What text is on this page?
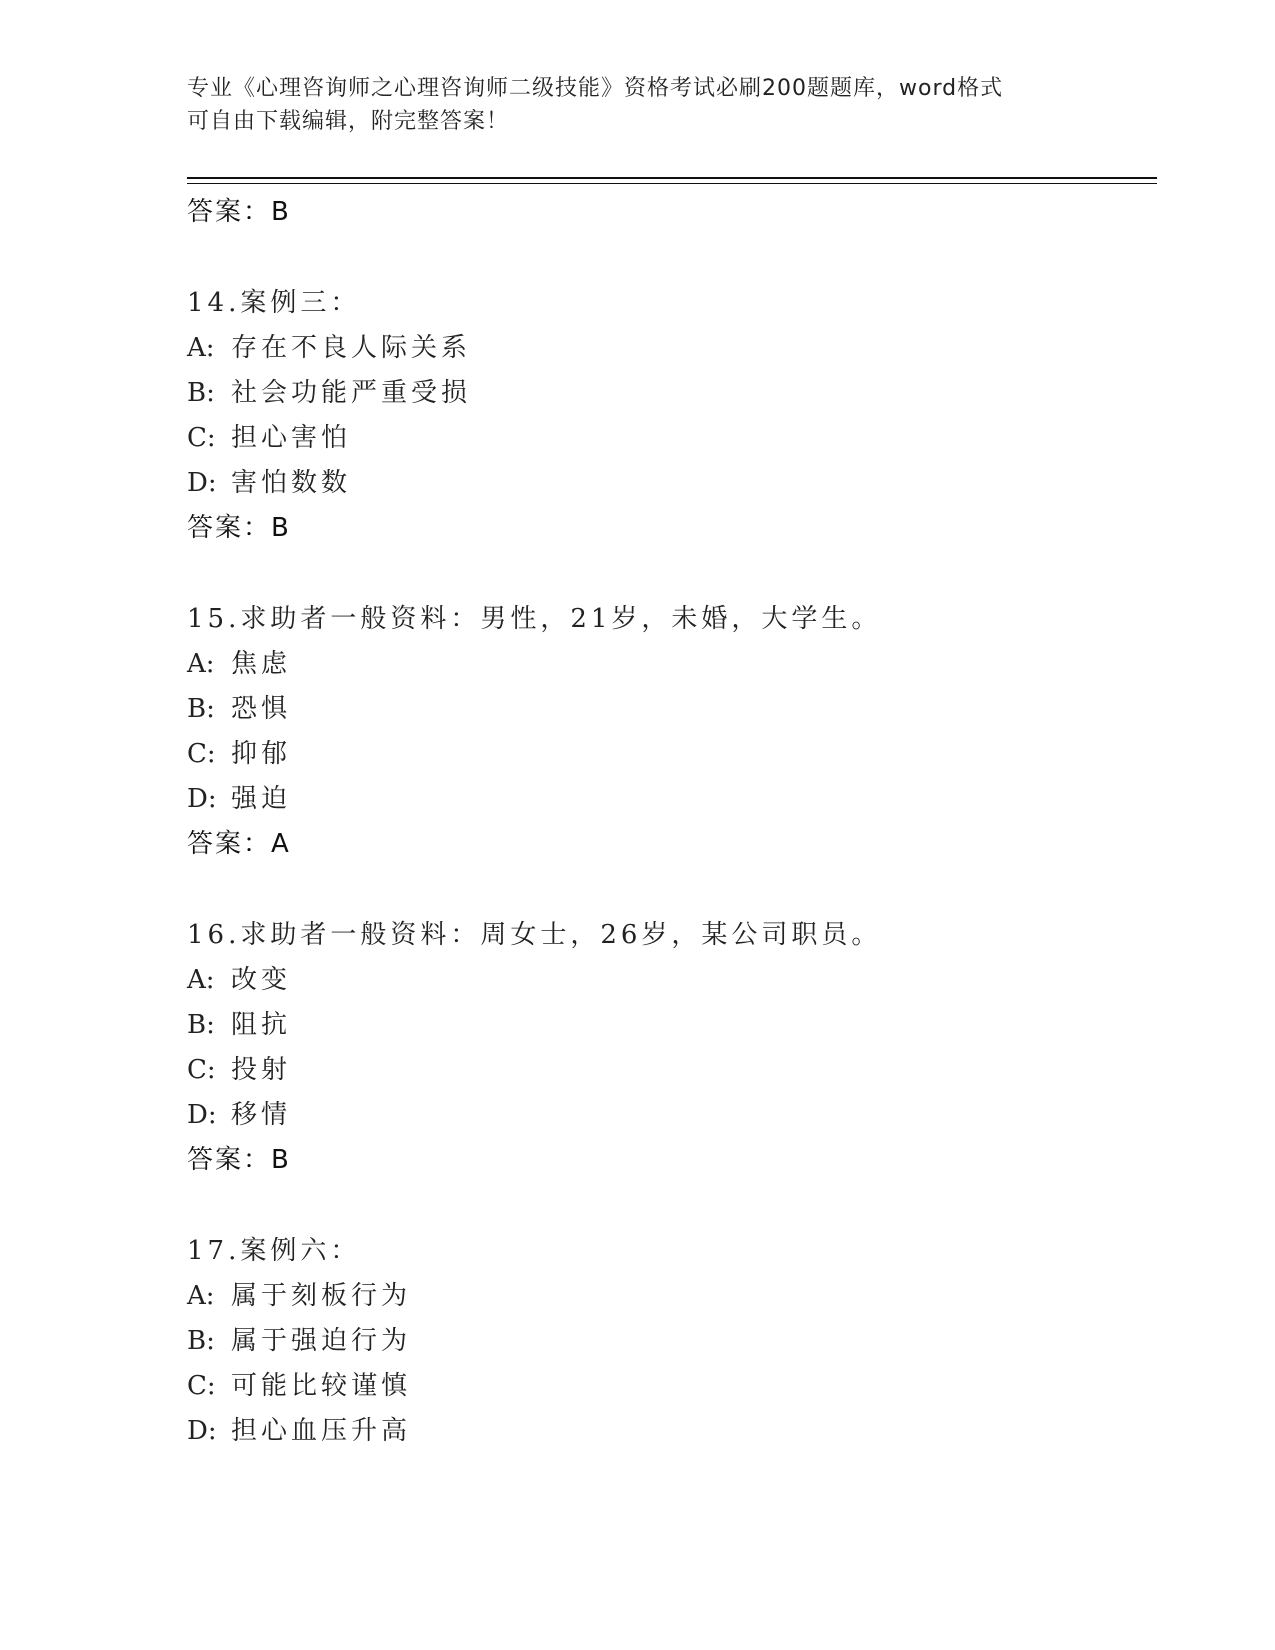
专业《心理咨询师之心理咨询师二级技能》资格考试必刷200题题库，word格式
可自由下载编辑，附完整答案！
答案：B
14.案例三：
A: 存在不良人际关系
B: 社会功能严重受损
C: 担心害怕
D: 害怕数数
答案：B
15.求助者一般资料：男性，21岁，未婚，大学生。
A: 焦虑
B: 恐惧
C: 抑郁
D: 强迫
答案：A
16.求助者一般资料：周女士，26岁，某公司职员。
A: 改变
B: 阻抗
C: 投射
D: 移情
答案：B
17.案例六：
A: 属于刻板行为
B: 属于强迫行为
C: 可能比较谨慎
D: 担心血压升高
